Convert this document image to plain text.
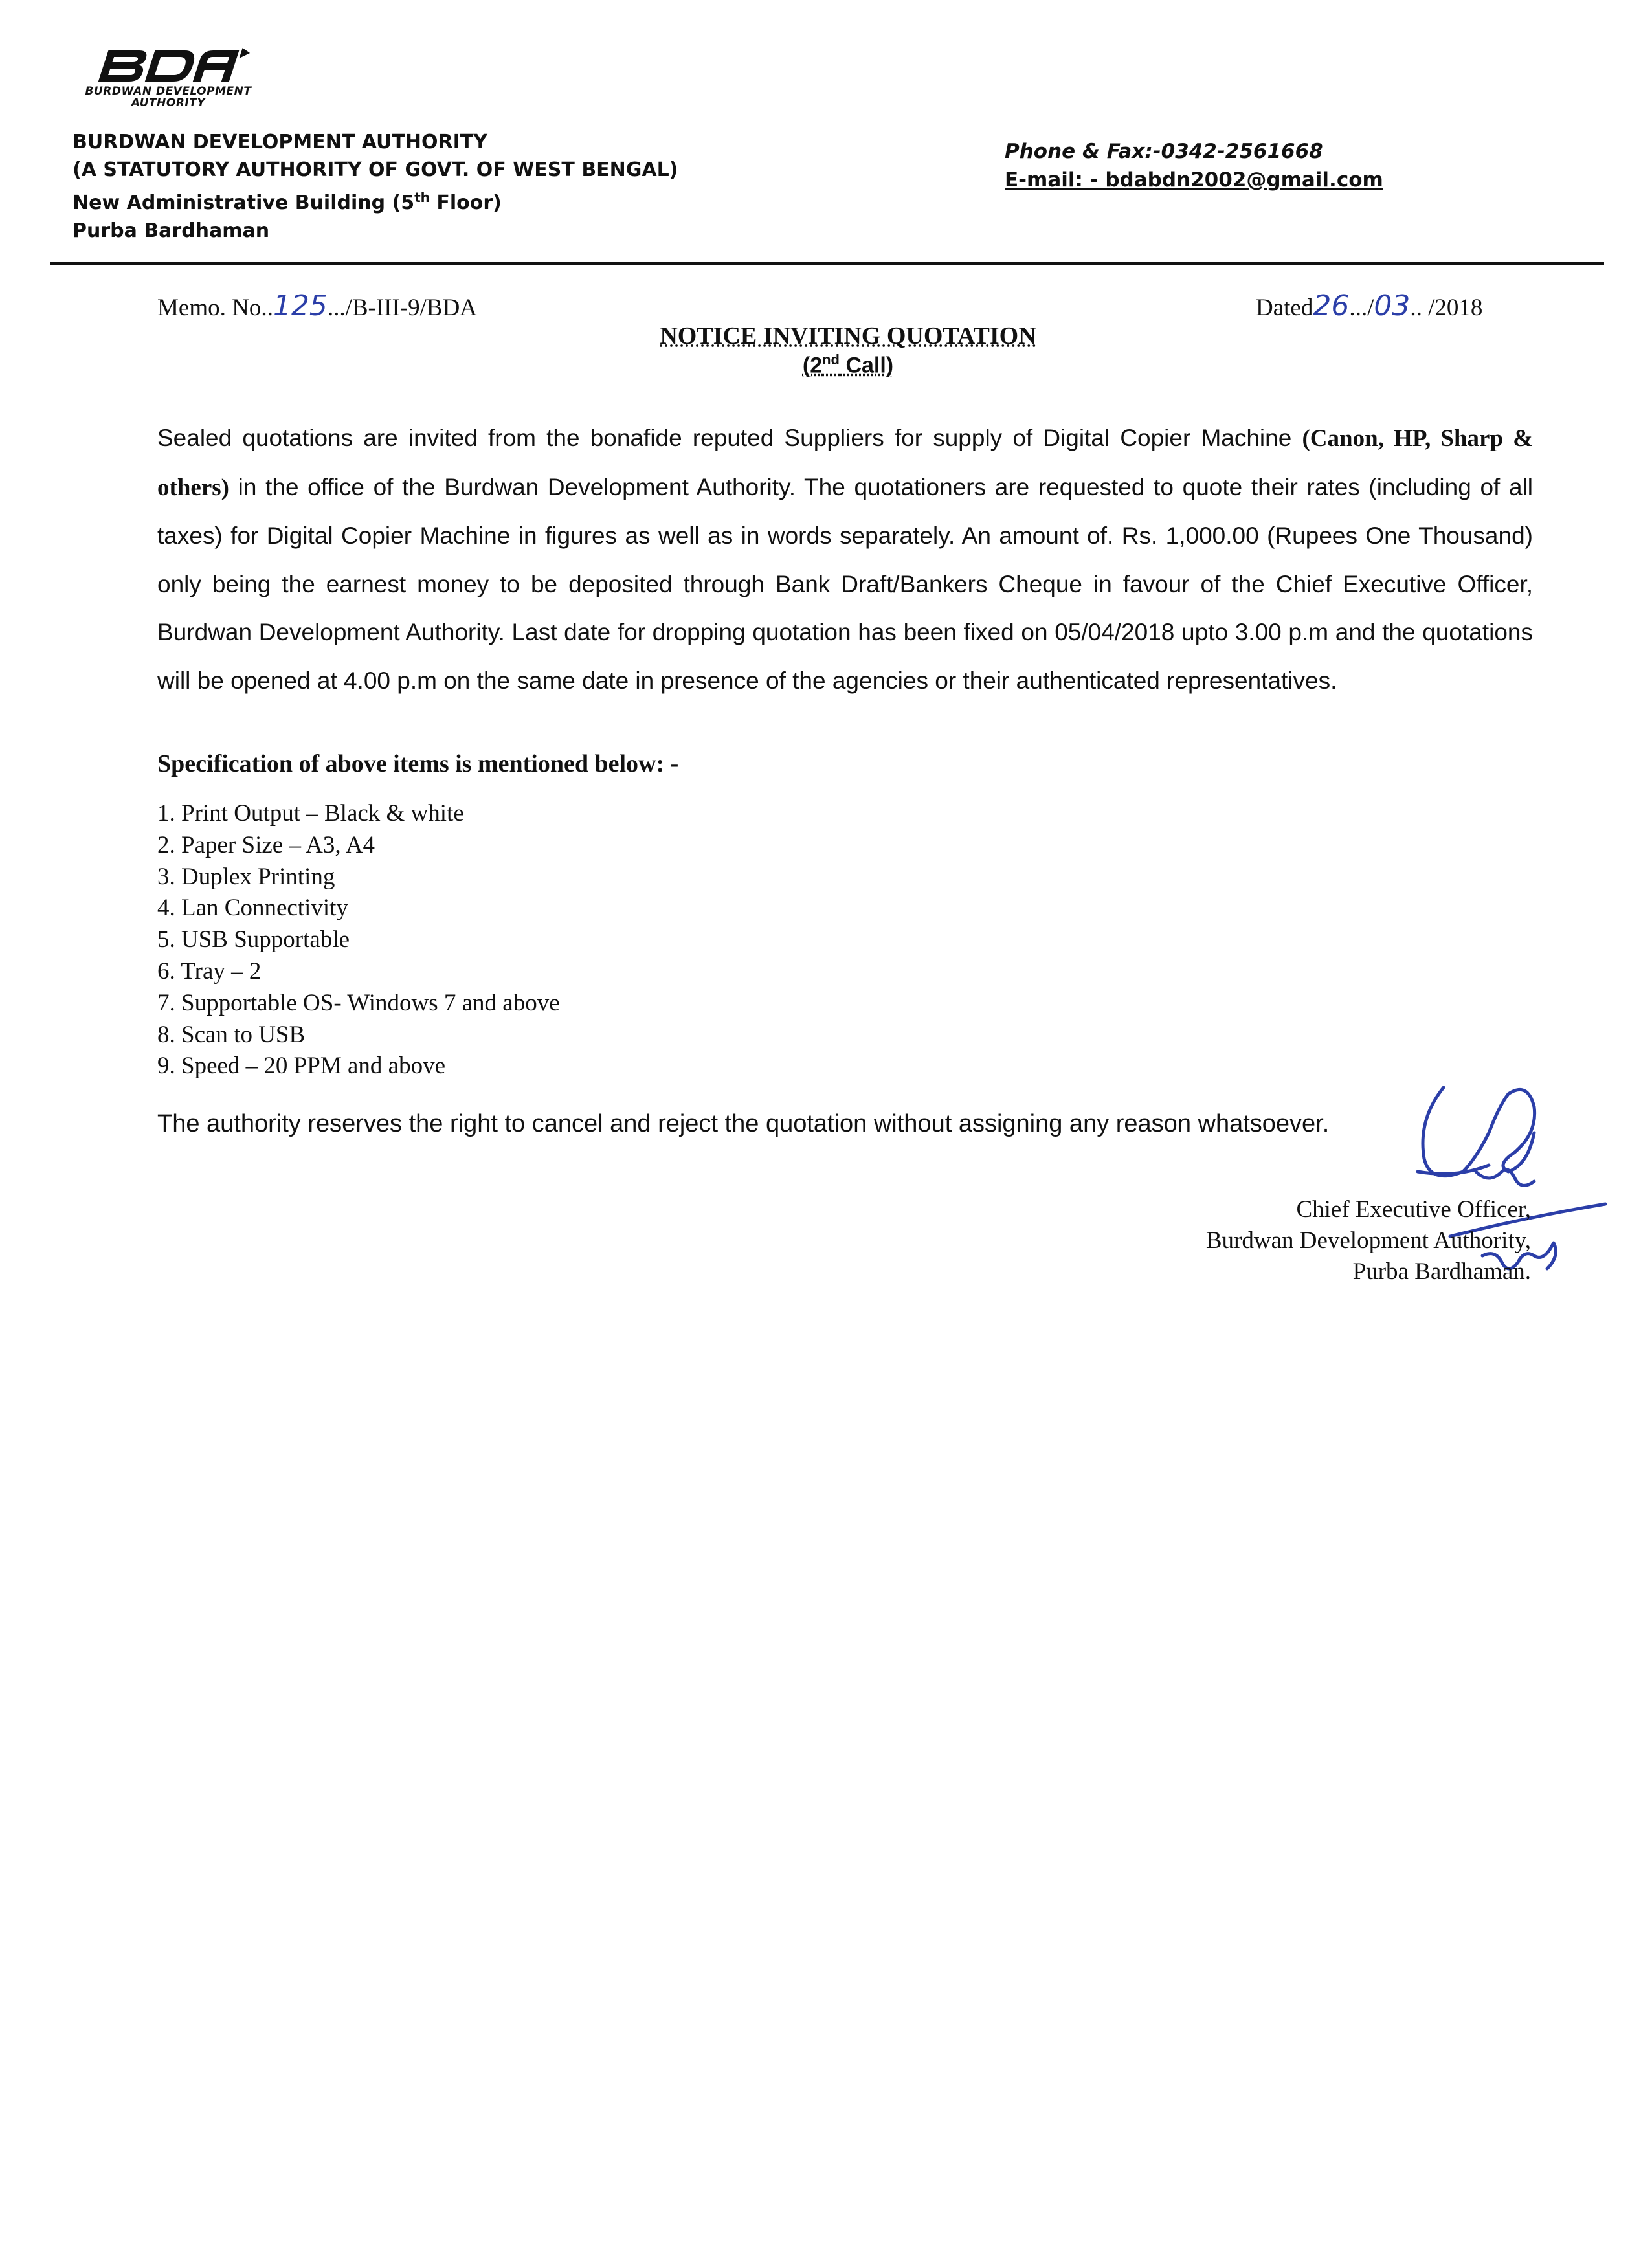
BURDWAN DEVELOPMENT
AUTHORITY
BURDWAN DEVELOPMENT AUTHORITY
(A STATUTORY AUTHORITY OF GOVT. OF WEST BENGAL)
New Administrative Building (5th Floor)
Purba Bardhaman
Phone & Fax:-0342-2561668
E-mail: - bdabdn2002@gmail.com
Memo. No..125.../B-III-9/BDA	Dated26.../03.. /2018
NOTICE INVITING QUOTATION
(2nd Call)
Sealed quotations are invited from the bonafide reputed Suppliers for supply of Digital Copier Machine (Canon, HP, Sharp & others) in the office of the Burdwan Development Authority. The quotationers are requested to quote their rates (including of all taxes) for Digital Copier Machine in figures as well as in words separately. An amount of. Rs. 1,000.00 (Rupees One Thousand) only being the earnest money to be deposited through Bank Draft/Bankers Cheque in favour of the Chief Executive Officer, Burdwan Development Authority. Last date for dropping quotation has been fixed on 05/04/2018 upto 3.00 p.m and the quotations will be opened at 4.00 p.m on the same date in presence of the agencies or their authenticated representatives.
Specification of above items is mentioned below: -
1. Print Output – Black & white
2. Paper Size – A3, A4
3. Duplex Printing
4. Lan Connectivity
5. USB Supportable
6. Tray – 2
7. Supportable OS- Windows 7 and above
8. Scan to USB
9. Speed – 20 PPM and above
The authority reserves the right to cancel and reject the quotation without assigning any reason whatsoever.
Chief Executive Officer,
Burdwan Development Authority,
Purba Bardhaman.
